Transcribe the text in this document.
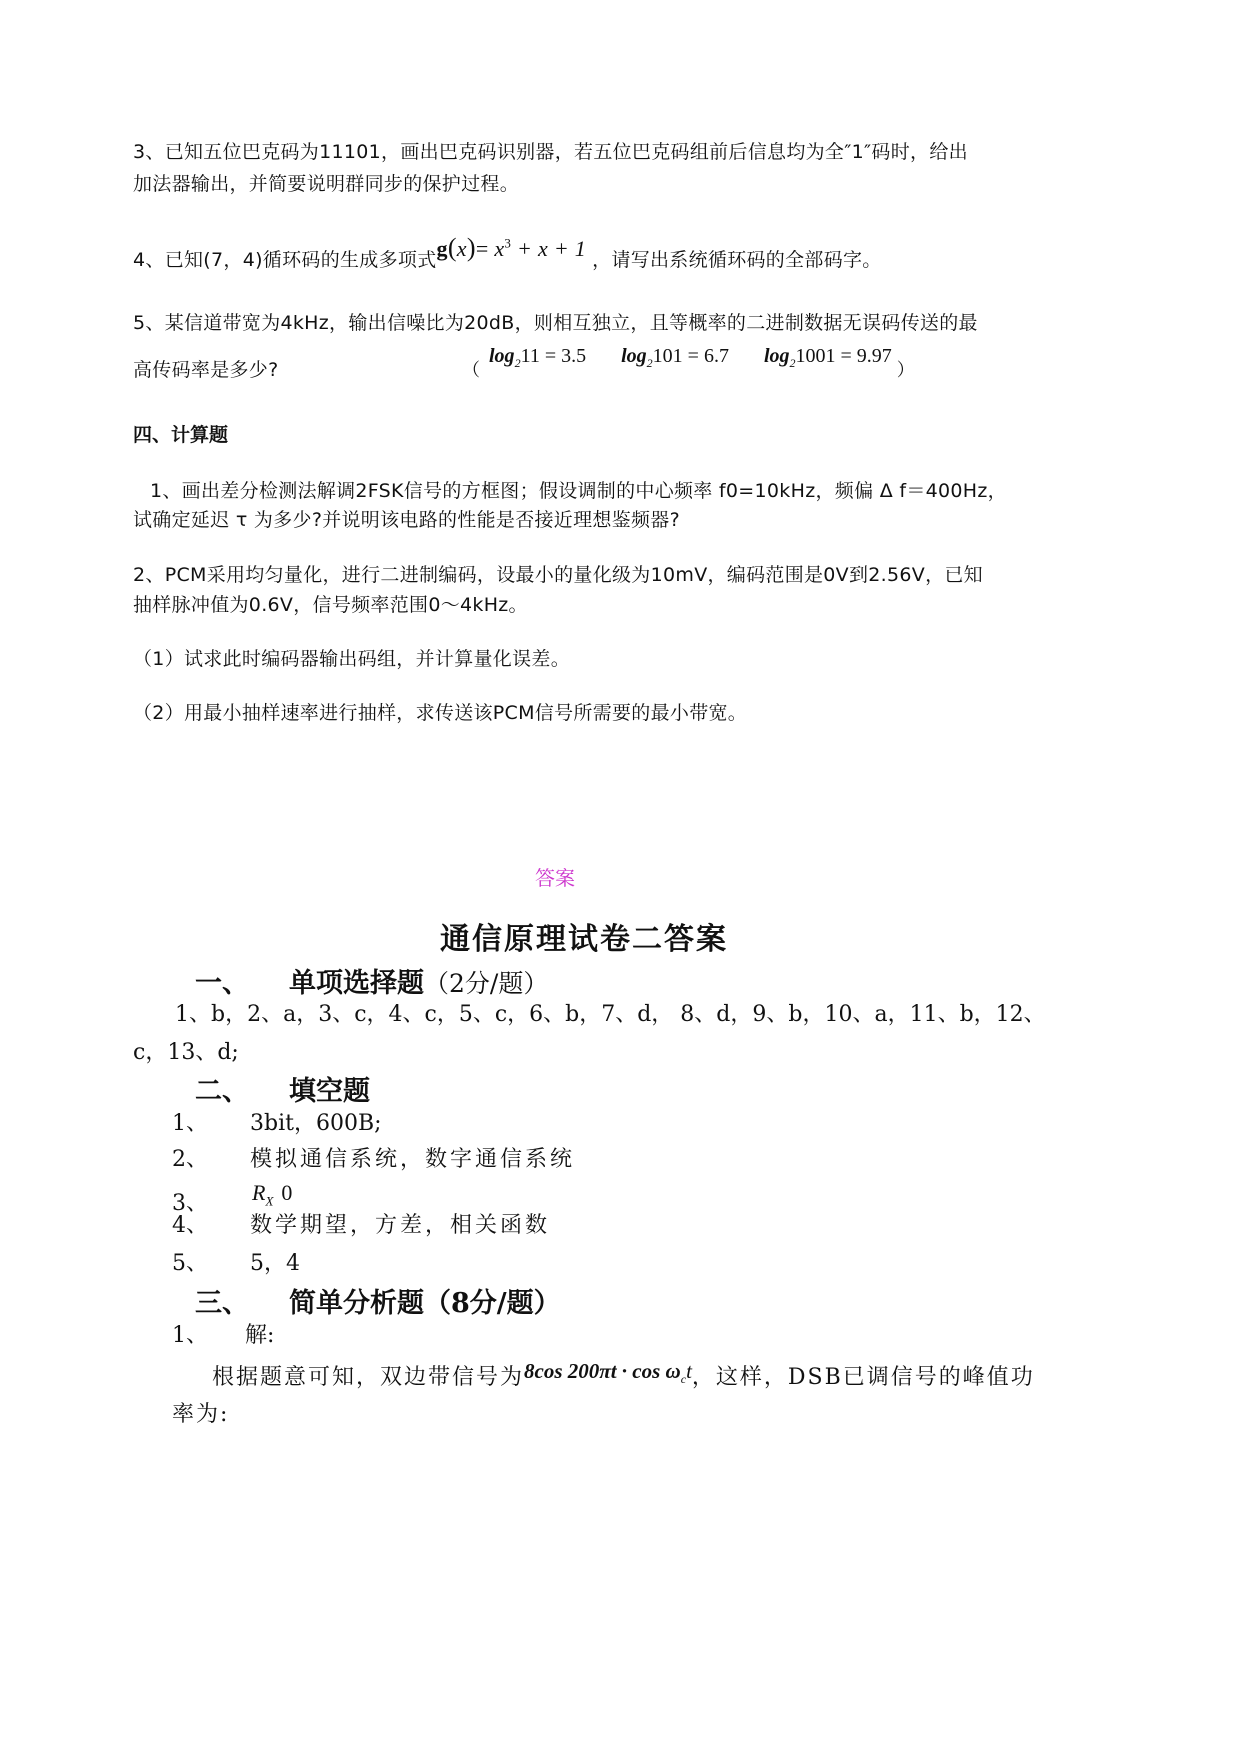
3、已知五位巴克码为11101，画出巴克码识别器，若五位巴克码组前后信息均为全″1″码时，给出
加法器输出，并简要说明群同步的保护过程。
4、已知(7，4)循环码的生成多项式$g(x)= x^3 + x + 1$ ，请写出系统循环码的全部码字。
5、某信道带宽为4kHz，输出信噪比为20dB，则相互独立，且等概率的二进制数据无误码传送的最
高传码率是多少?	（ $\log_211 = 3.5$ $\log_2101 = 6.7$ $\log_21001 = 9.97$ ）
四、计算题
1、画出差分检测法解调2FSK信号的方框图；假设调制的中心频率 f0=10kHz，频偏 Δ f＝400Hz，
试确定延迟 τ 为多少?并说明该电路的性能是否接近理想鉴频器?
2、PCM采用均匀量化，进行二进制编码，设最小的量化级为10mV，编码范围是0V到2.56V，已知
抽样脉冲值为0.6V，信号频率范围0～4kHz。
（1）试求此时编码器输出码组，并计算量化误差。
（2）用最小抽样速率进行抽样，求传送该PCM信号所需要的最小带宽。
答案
通信原理试卷二答案
一、 单项选择题（2分/题）
1、b，2、a，3、c，4、c，5、c，6、b，7、d， 8、d，9、b，10、a，11、b，12、
c，13、d;
二、 填空题
1、 3bit，600B;
2、 模拟通信系统，数字通信系统
3、 $R_X$ 0
4、 数学期望，方差，相关函数
5、 5，4
三、 简单分析题（8分/题）
1、 解:
根据题意可知，双边带信号为8cos $200\pi t \cdot \cos \omega_ct$，这样，DSB已调信号的峰值功
率为:
